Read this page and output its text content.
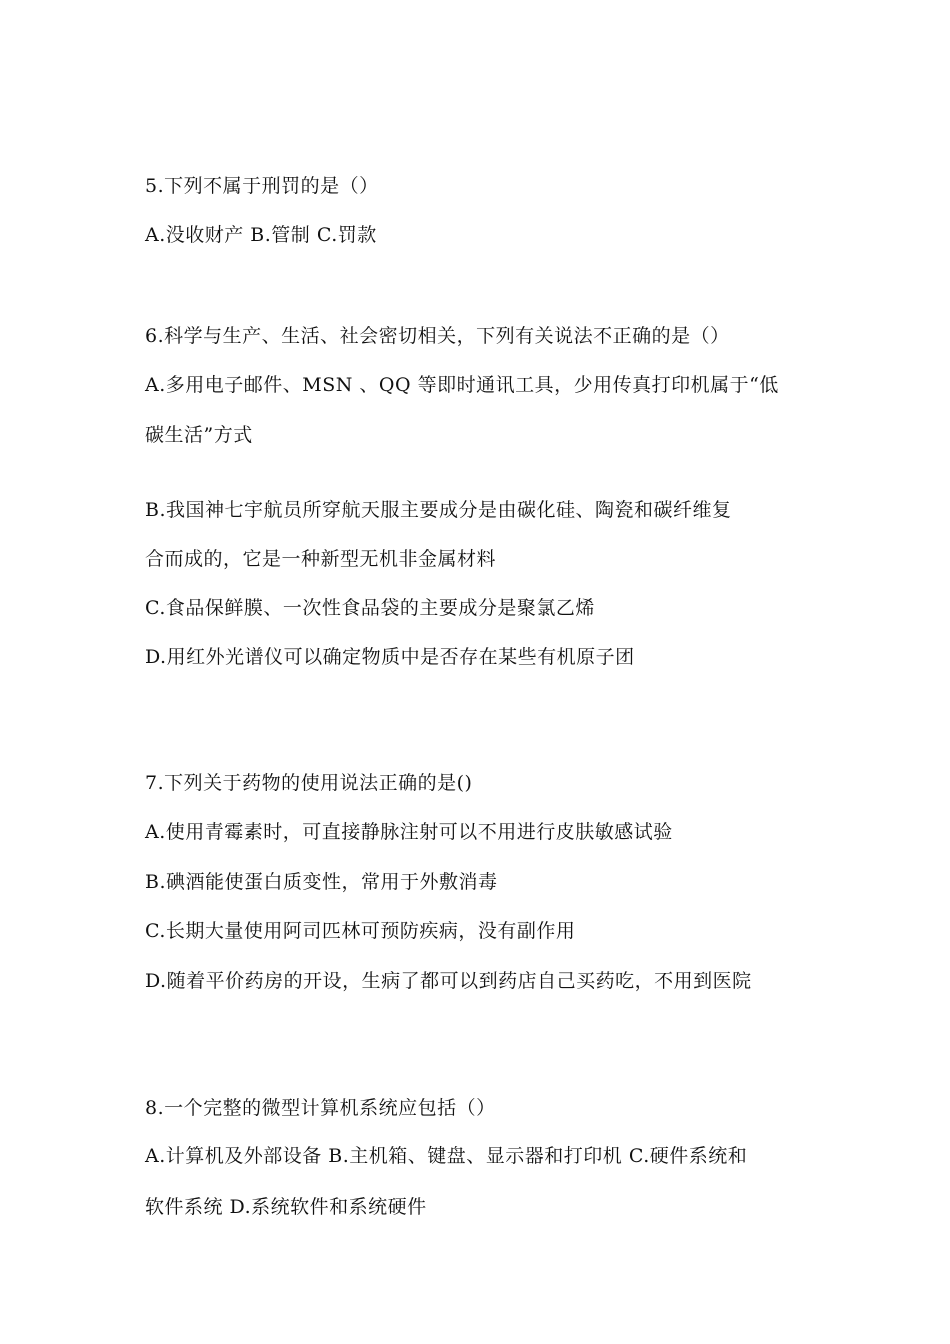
5.下列不属于刑罚的是（）
A.没收财产 B.管制 C.罚款
6.科学与生产、生活、社会密切相关，下列有关说法不正确的是（）
A.多用电子邮件、MSN 、QQ 等即时通讯工具，少用传真打印机属于“低
碳生活”方式
B.我国神七宇航员所穿航天服主要成分是由碳化硅、陶瓷和碳纤维复
合而成的，它是一种新型无机非金属材料
C.食品保鲜膜、一次性食品袋的主要成分是聚氯乙烯
D.用红外光谱仪可以确定物质中是否存在某些有机原子团
7.下列关于药物的使用说法正确的是()
A.使用青霉素时，可直接静脉注射可以不用进行皮肤敏感试验
B.碘酒能使蛋白质变性，常用于外敷消毒
C.长期大量使用阿司匹林可预防疾病，没有副作用
D.随着平价药房的开设，生病了都可以到药店自己买药吃，不用到医院
8.一个完整的微型计算机系统应包括（）
A.计算机及外部设备 B.主机箱、键盘、显示器和打印机 C.硬件系统和
软件系统 D.系统软件和系统硬件
